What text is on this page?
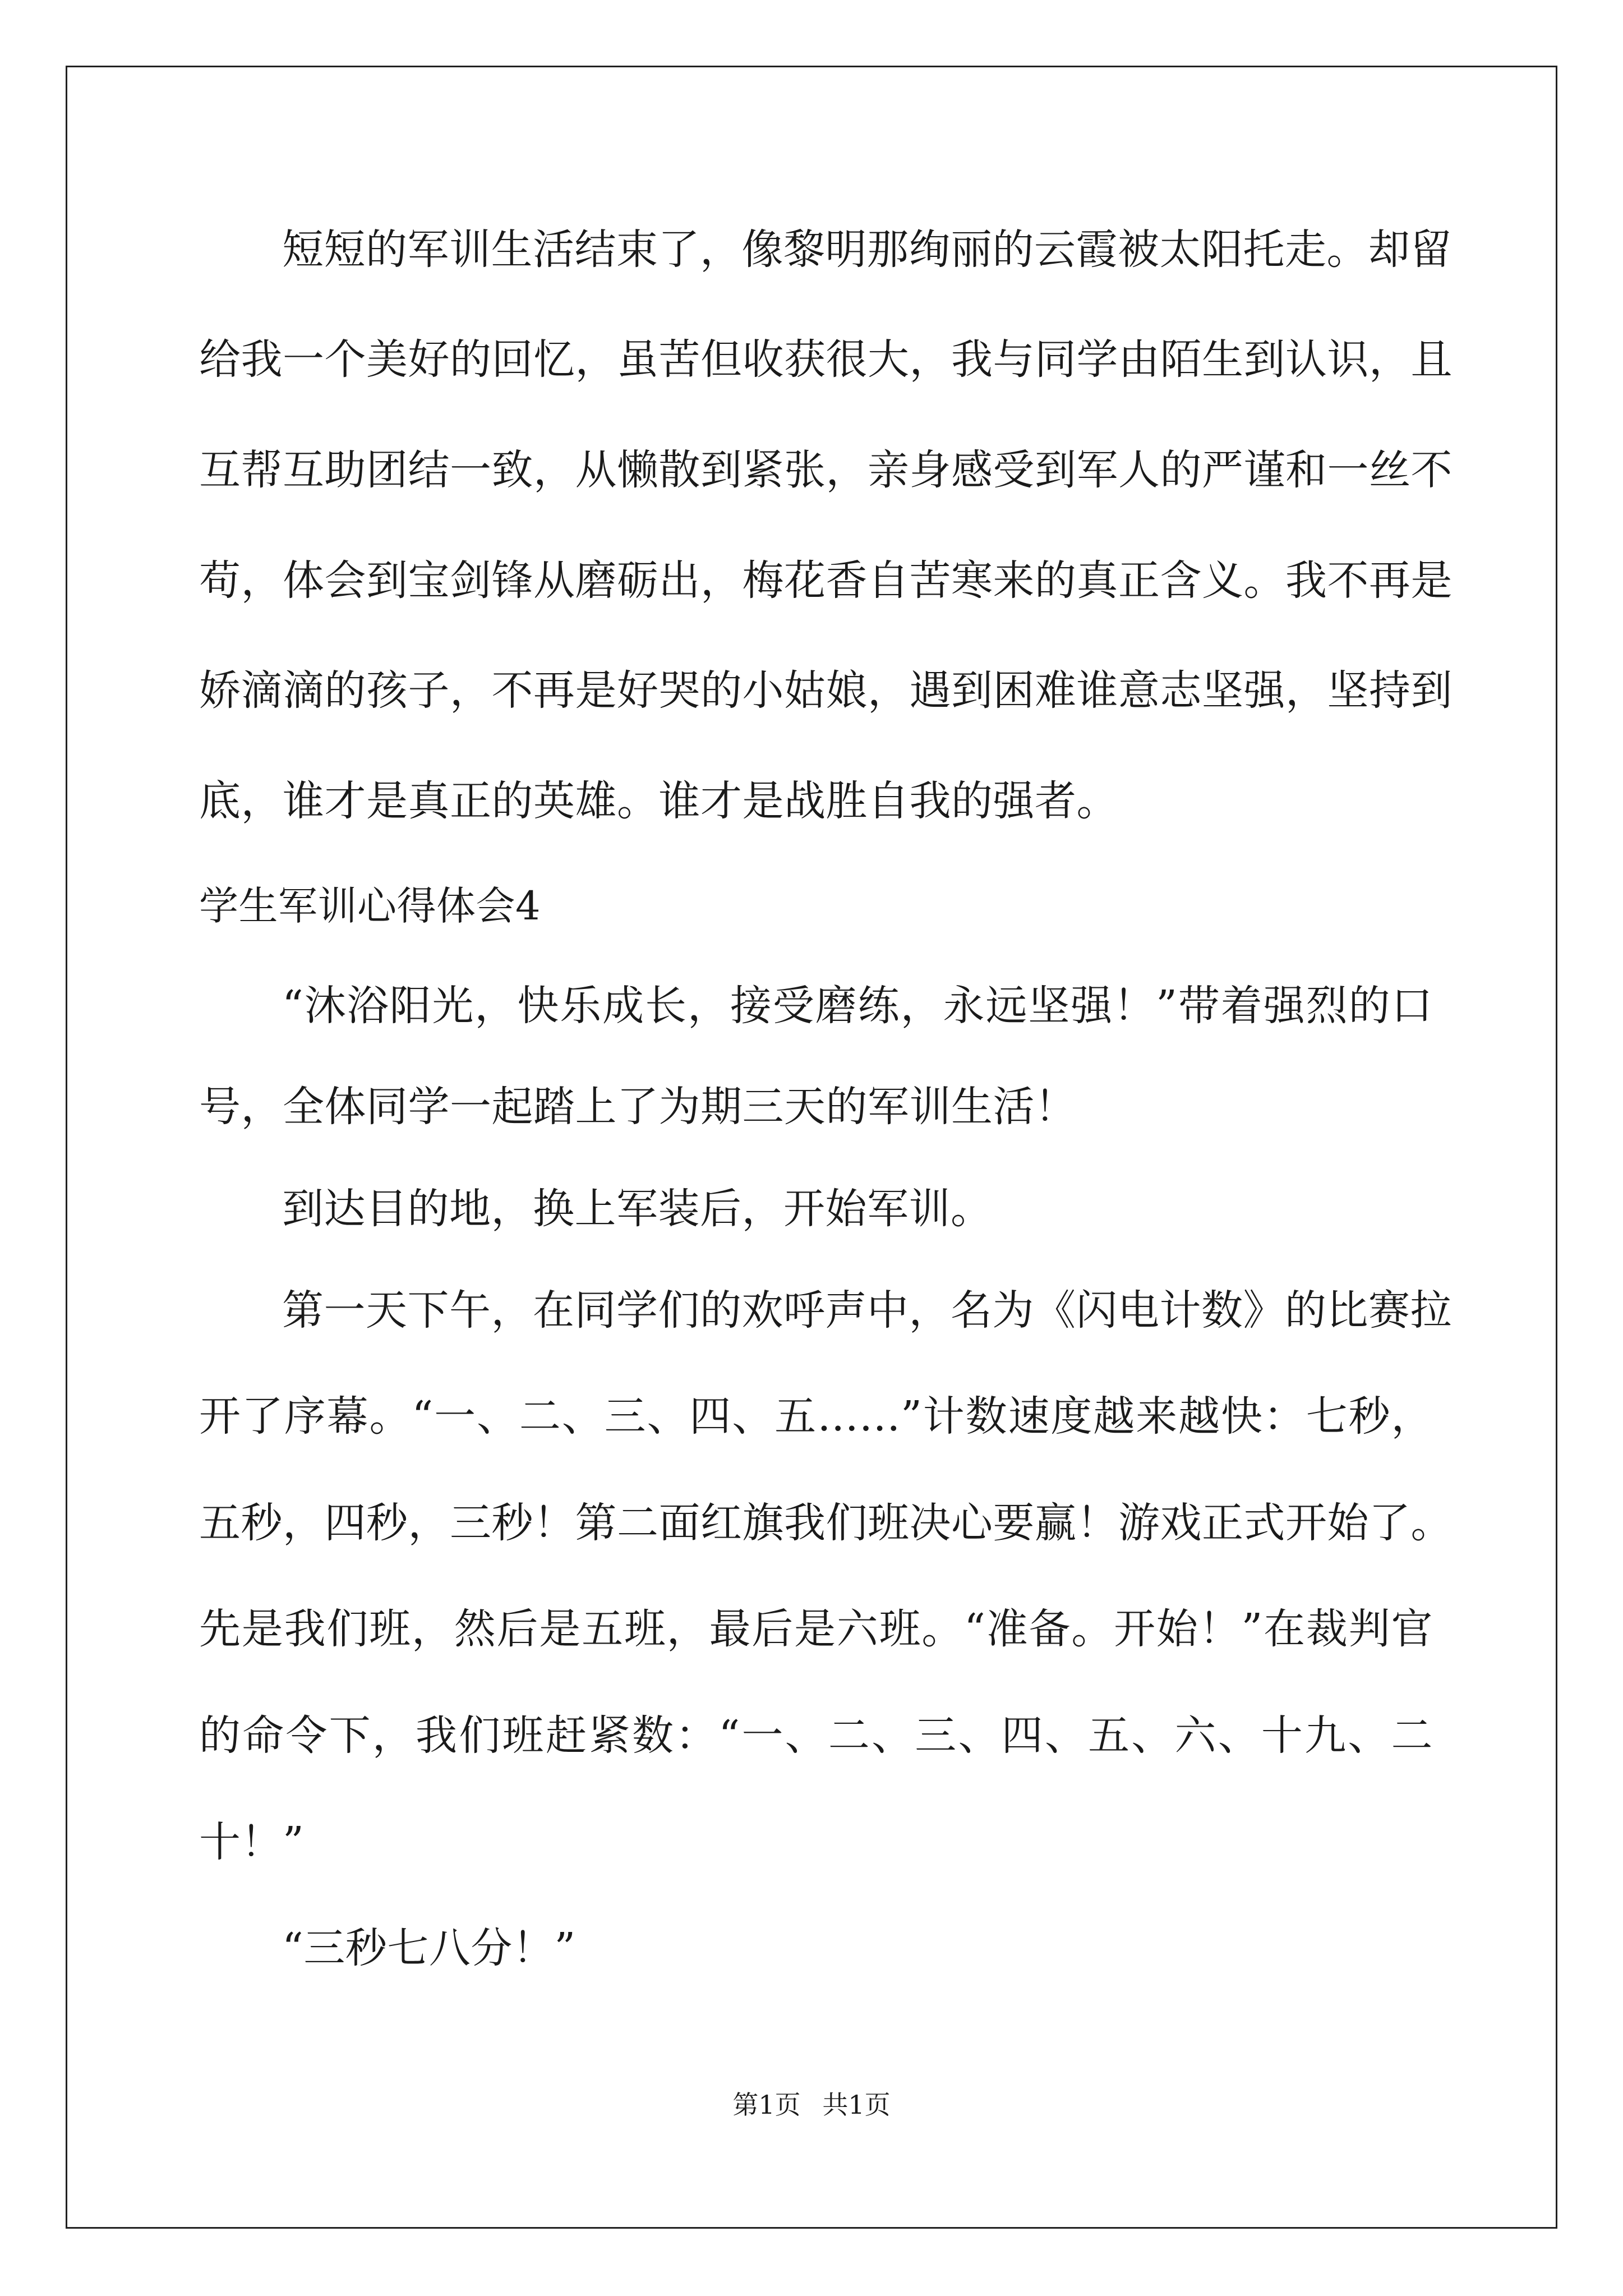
短短的军训生活结束了，像黎明那绚丽的云霞被太阳托走。却留
给我一个美好的回忆，虽苦但收获很大，我与同学由陌生到认识，且
互帮互助团结一致，从懒散到紧张，亲身感受到军人的严谨和一丝不
苟，体会到宝剑锋从磨砺出，梅花香自苦寒来的真正含义。我不再是
娇滴滴的孩子，不再是好哭的小姑娘，遇到困难谁意志坚强，坚持到
底，谁才是真正的英雄。谁才是战胜自我的强者。
学生军训心得体会4
“沐浴阳光，快乐成长，接受磨练，永远坚强！”带着强烈的口
号，全体同学一起踏上了为期三天的军训生活！
到达目的地，换上军装后，开始军训。
第一天下午，在同学们的欢呼声中，名为《闪电计数》的比赛拉
开了序幕。“一、二、三、四、五……”计数速度越来越快：七秒，
五秒，四秒，三秒！第二面红旗我们班决心要赢！游戏正式开始了。
先是我们班，然后是五班，最后是六班。“准备。开始！”在裁判官
的命令下，我们班赶紧数：“一、二、三、四、五、六、十九、二
十！”
“三秒七八分！”
第1页 共1页
